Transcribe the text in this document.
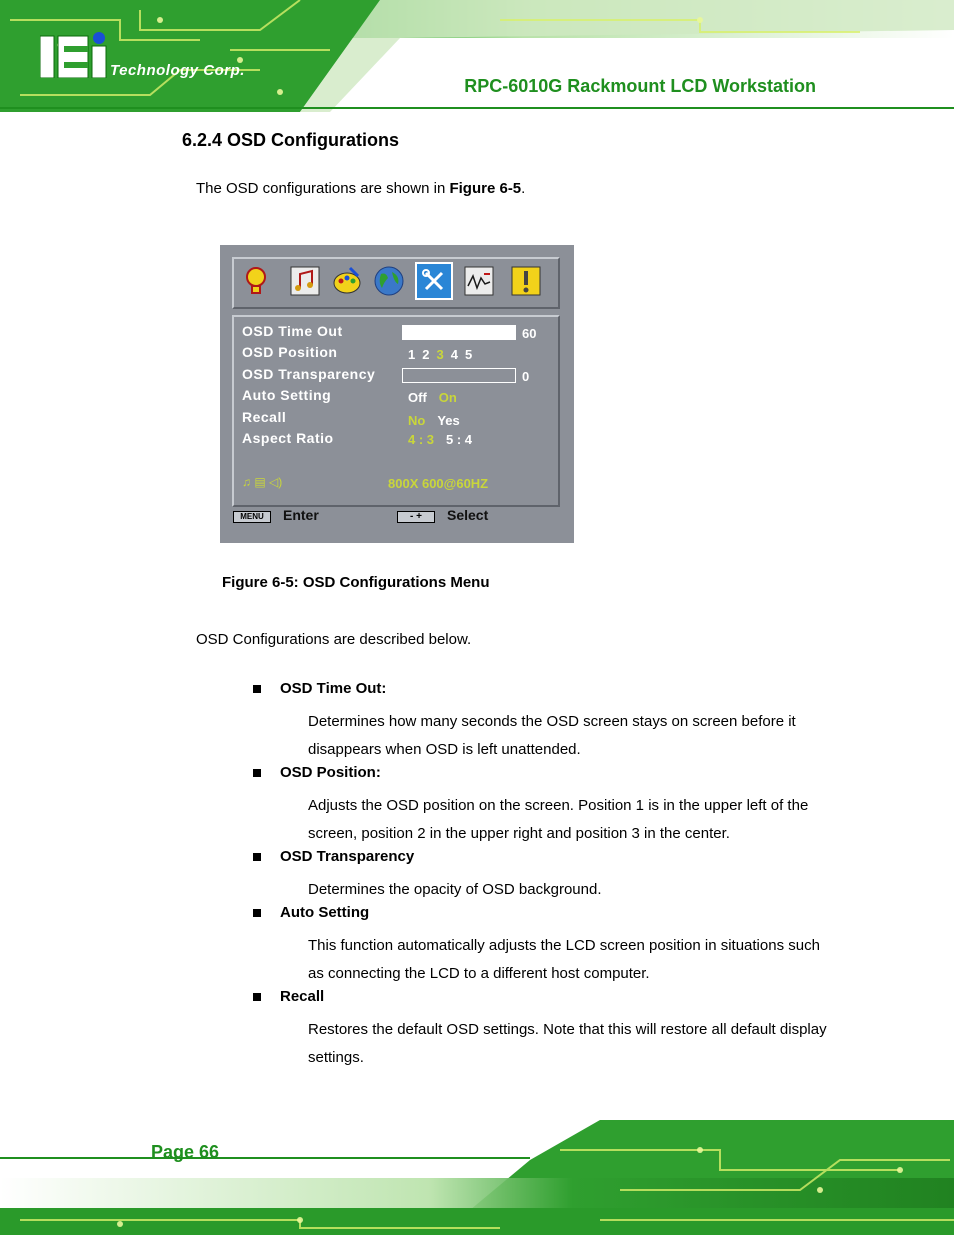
Technology Corp.
RPC-6010G Rackmount LCD Workstation
6.2.4 OSD Configurations
The OSD configurations are shown in Figure 6-5.
OSD Time Out	60
OSD Position	1 2 3 4 5
OSD Transparency	0
Auto Setting	Off On
Recall	No Yes
Aspect Ratio	4 : 3 5 : 4
♫ ▤ ◁)	800X 600@60HZ
MENU	Enter	- +	Select
Figure 6-5: OSD Configurations Menu
OSD Configurations are described below.
OSD Time Out:
Determines how many seconds the OSD screen stays on screen before it disappears when OSD is left unattended.
OSD Position:
Adjusts the OSD position on the screen. Position 1 is in the upper left of the screen, position 2 in the upper right and position 3 in the center.
OSD Transparency
Determines the opacity of OSD background.
Auto Setting
This function automatically adjusts the LCD screen position in situations such as connecting the LCD to a different host computer.
Recall
Restores the default OSD settings. Note that this will restore all default display settings.
Page 66
